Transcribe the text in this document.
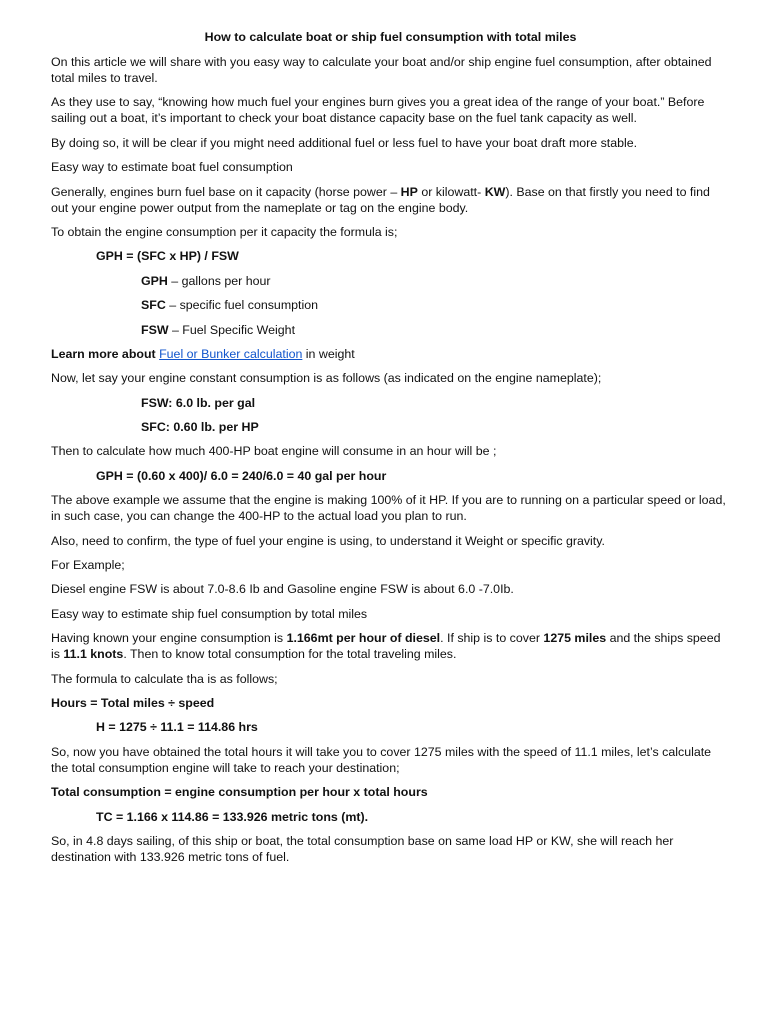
How to calculate boat or ship fuel consumption with total miles

On this article we will share with you easy way to calculate your boat and/or ship engine fuel consumption, after obtained total miles to travel.

As they use to say, “knowing how much fuel your engines burn gives you a great idea of the range of your boat.” Before sailing out a boat, it’s important to check your boat distance capacity base on the fuel tank capacity as well.

By doing so, it will be clear if you might need additional fuel or less fuel to have your boat draft more stable.

Easy way to estimate boat fuel consumption

Generally, engines burn fuel base on it capacity (horse power – HP or kilowatt- KW). Base on that firstly you need to find out your engine power output from the nameplate or tag on the engine body.

To obtain the engine consumption per it capacity the formula is;

GPH = (SFC x HP) / FSW

GPH – gallons per hour

SFC – specific fuel consumption

FSW – Fuel Specific Weight

Learn more about Fuel or Bunker calculation in weight

Now, let say your engine constant consumption is as follows (as indicated on the engine nameplate);

FSW: 6.0 lb. per gal

SFC: 0.60 lb. per HP

Then to calculate how much 400-HP boat engine will consume in an hour will be ;

GPH = (0.60 x 400)/ 6.0 = 240/6.0 = 40 gal per hour

The above example we assume that the engine is making 100% of it HP. If you are to running on a particular speed or load, in such case, you can change the 400-HP to the actual load you plan to run.

Also, need to confirm, the type of fuel your engine is using, to understand it Weight or specific gravity.

For Example;

Diesel engine FSW is about 7.0-8.6 Ib and Gasoline engine FSW is about 6.0 -7.0Ib.

Easy way to estimate ship fuel consumption by total miles

Having known your engine consumption is 1.166mt per hour of diesel. If ship is to cover 1275 miles and the ships speed is 11.1 knots. Then to know total consumption for the total traveling miles.

The formula to calculate tha is as follows;

Hours = Total miles ÷ speed

H = 1275 ÷ 11.1 = 114.86 hrs

So, now you have obtained the total hours it will take you to cover 1275 miles with the speed of 11.1 miles, let’s calculate the total consumption engine will take to reach your destination;

Total consumption = engine consumption per hour x total hours

TC = 1.166 x 114.86 = 133.926 metric tons (mt).

So, in 4.8 days sailing, of this ship or boat, the total consumption base on same load HP or KW, she will reach her destination with 133.926 metric tons of fuel.
